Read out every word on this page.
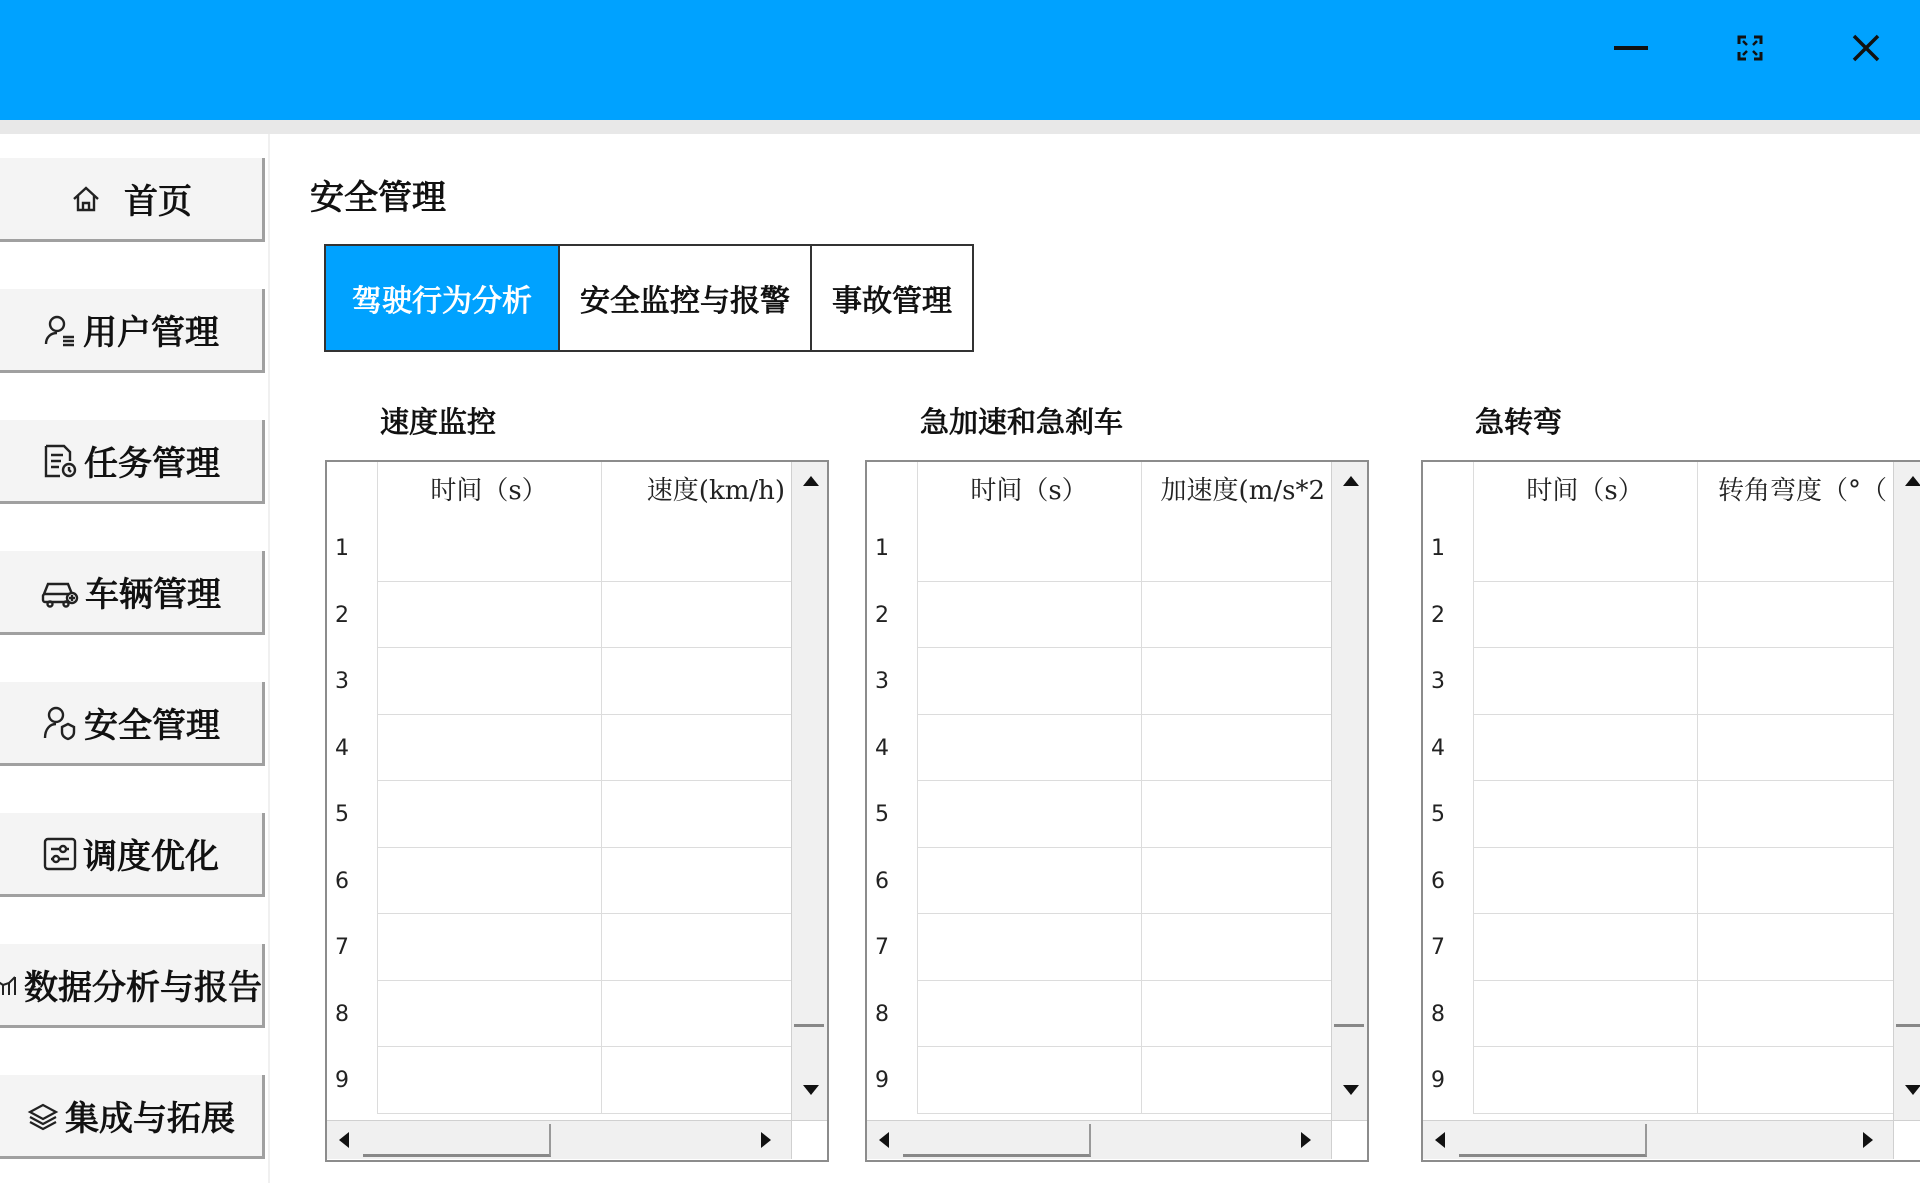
首页
用户管理
任务管理
车辆管理
安全管理
调度优化
数据分析与报告
集成与拓展
安全管理
驾驶行为分析	安全监控与报警	事故管理
速度监控	急加速和急刹车	急转弯
时间（s）	速度(km/h)
1
2
3
4
5
6
7
8
9
时间（s）	加速度(m/s*2
1
2
3
4
5
6
7
8
9
时间（s）	转角弯度（°（
1
2
3
4
5
6
7
8
9
